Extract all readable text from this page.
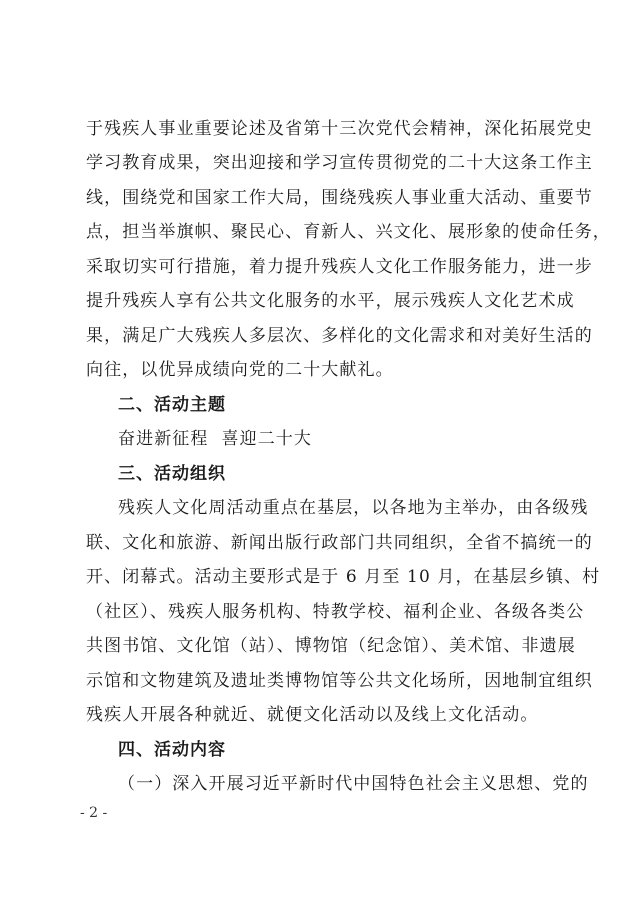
于残疾人事业重要论述及省第十三次党代会精神，深化拓展党史
学习教育成果，突出迎接和学习宣传贯彻党的二十大这条工作主
线，围绕党和国家工作大局，围绕残疾人事业重大活动、重要节
点，担当举旗帜、聚民心、育新人、兴文化、展形象的使命任务，
采取切实可行措施，着力提升残疾人文化工作服务能力，进一步
提升残疾人享有公共文化服务的水平，展示残疾人文化艺术成
果，满足广大残疾人多层次、多样化的文化需求和对美好生活的
向往，以优异成绩向党的二十大献礼。
二、活动主题
奋进新征程  喜迎二十大
三、活动组织
残疾人文化周活动重点在基层，以各地为主举办，由各级残
联、文化和旅游、新闻出版行政部门共同组织，全省不搞统一的
开、闭幕式。活动主要形式是于 6 月至 10 月，在基层乡镇、村
（社区）、残疾人服务机构、特教学校、福利企业、各级各类公
共图书馆、文化馆（站）、博物馆（纪念馆）、美术馆、非遗展
示馆和文物建筑及遗址类博物馆等公共文化场所，因地制宜组织
残疾人开展各种就近、就便文化活动以及线上文化活动。
四、活动内容
（一）深入开展习近平新时代中国特色社会主义思想、党的
- 2 -
